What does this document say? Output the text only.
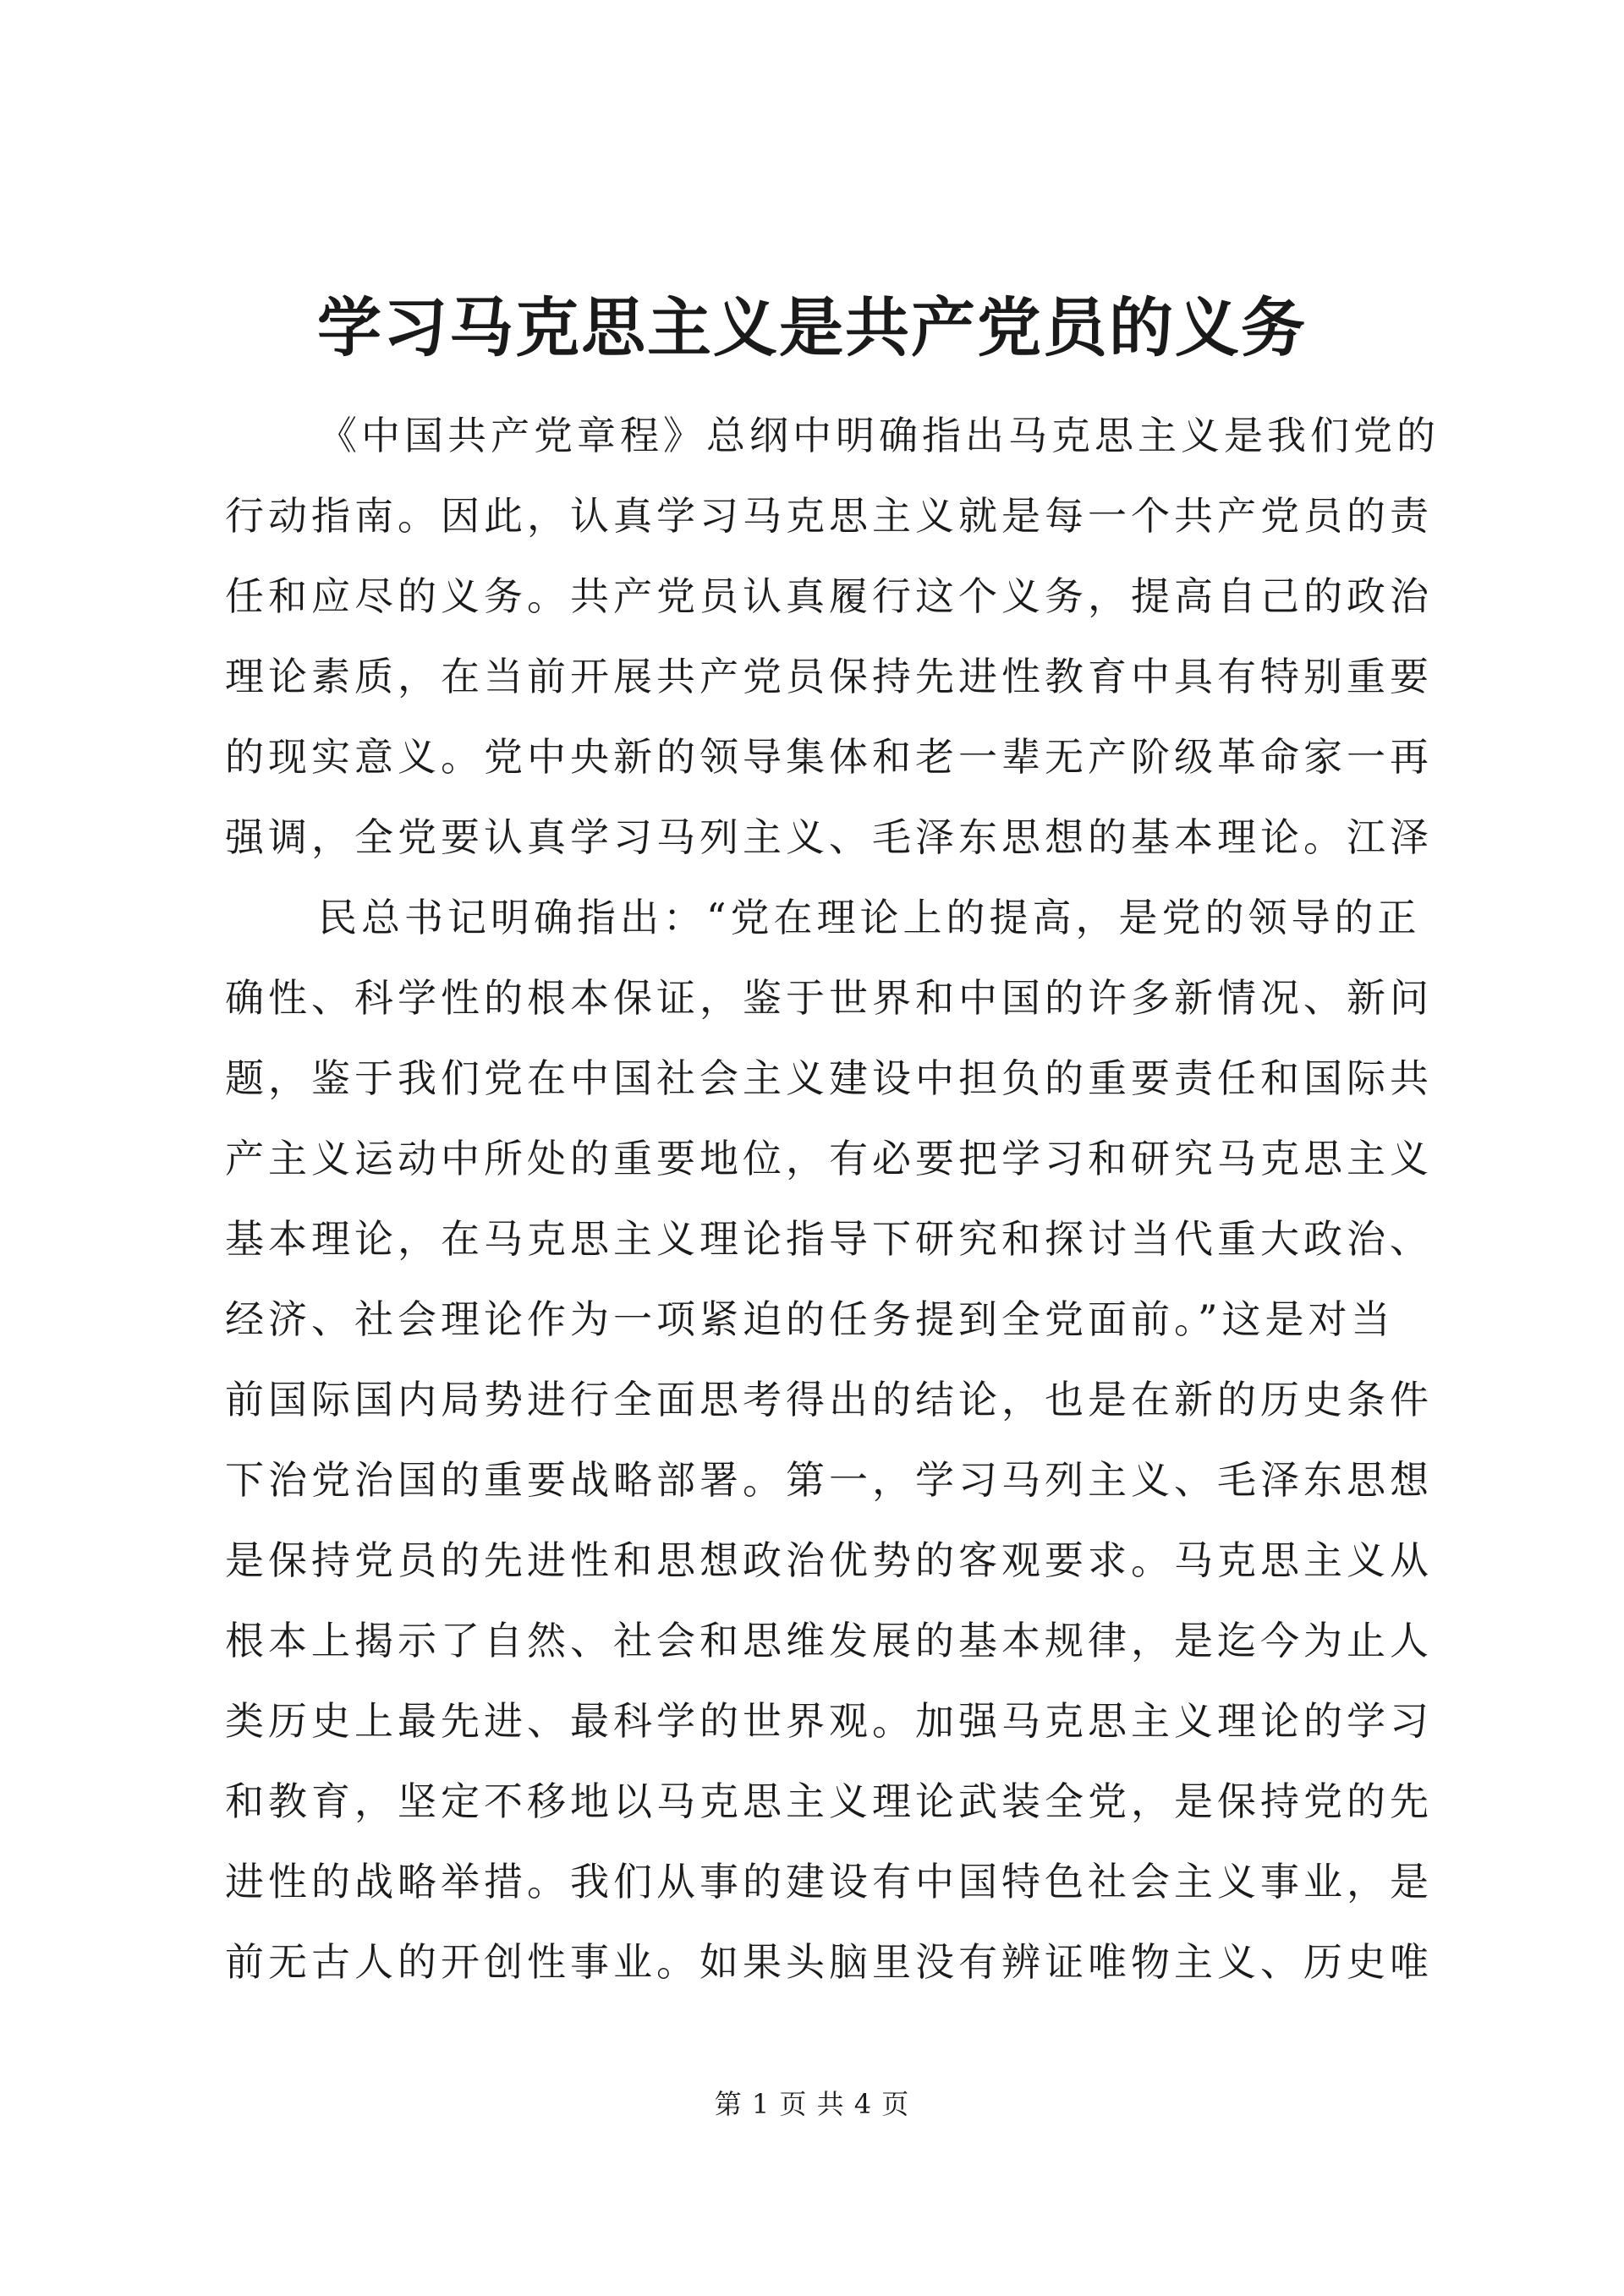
学习马克思主义是共产党员的义务
《中国共产党章程》总纲中明确指出马克思主义是我们党的
行动指南。因此，认真学习马克思主义就是每一个共产党员的责
任和应尽的义务。共产党员认真履行这个义务，提高自己的政治
理论素质，在当前开展共产党员保持先进性教育中具有特别重要
的现实意义。党中央新的领导集体和老一辈无产阶级革命家一再
强调，全党要认真学习马列主义、毛泽东思想的基本理论。江泽
民总书记明确指出：“党在理论上的提高，是党的领导的正
确性、科学性的根本保证，鉴于世界和中国的许多新情况、新问
题，鉴于我们党在中国社会主义建设中担负的重要责任和国际共
产主义运动中所处的重要地位，有必要把学习和研究马克思主义
基本理论，在马克思主义理论指导下研究和探讨当代重大政治、
经济、社会理论作为一项紧迫的任务提到全党面前。”这是对当
前国际国内局势进行全面思考得出的结论，也是在新的历史条件
下治党治国的重要战略部署。第一，学习马列主义、毛泽东思想
是保持党员的先进性和思想政治优势的客观要求。马克思主义从
根本上揭示了自然、社会和思维发展的基本规律，是迄今为止人
类历史上最先进、最科学的世界观。加强马克思主义理论的学习
和教育，坚定不移地以马克思主义理论武装全党，是保持党的先
进性的战略举措。我们从事的建设有中国特色社会主义事业，是
前无古人的开创性事业。如果头脑里没有辨证唯物主义、历史唯
第 1 页 共 4 页
